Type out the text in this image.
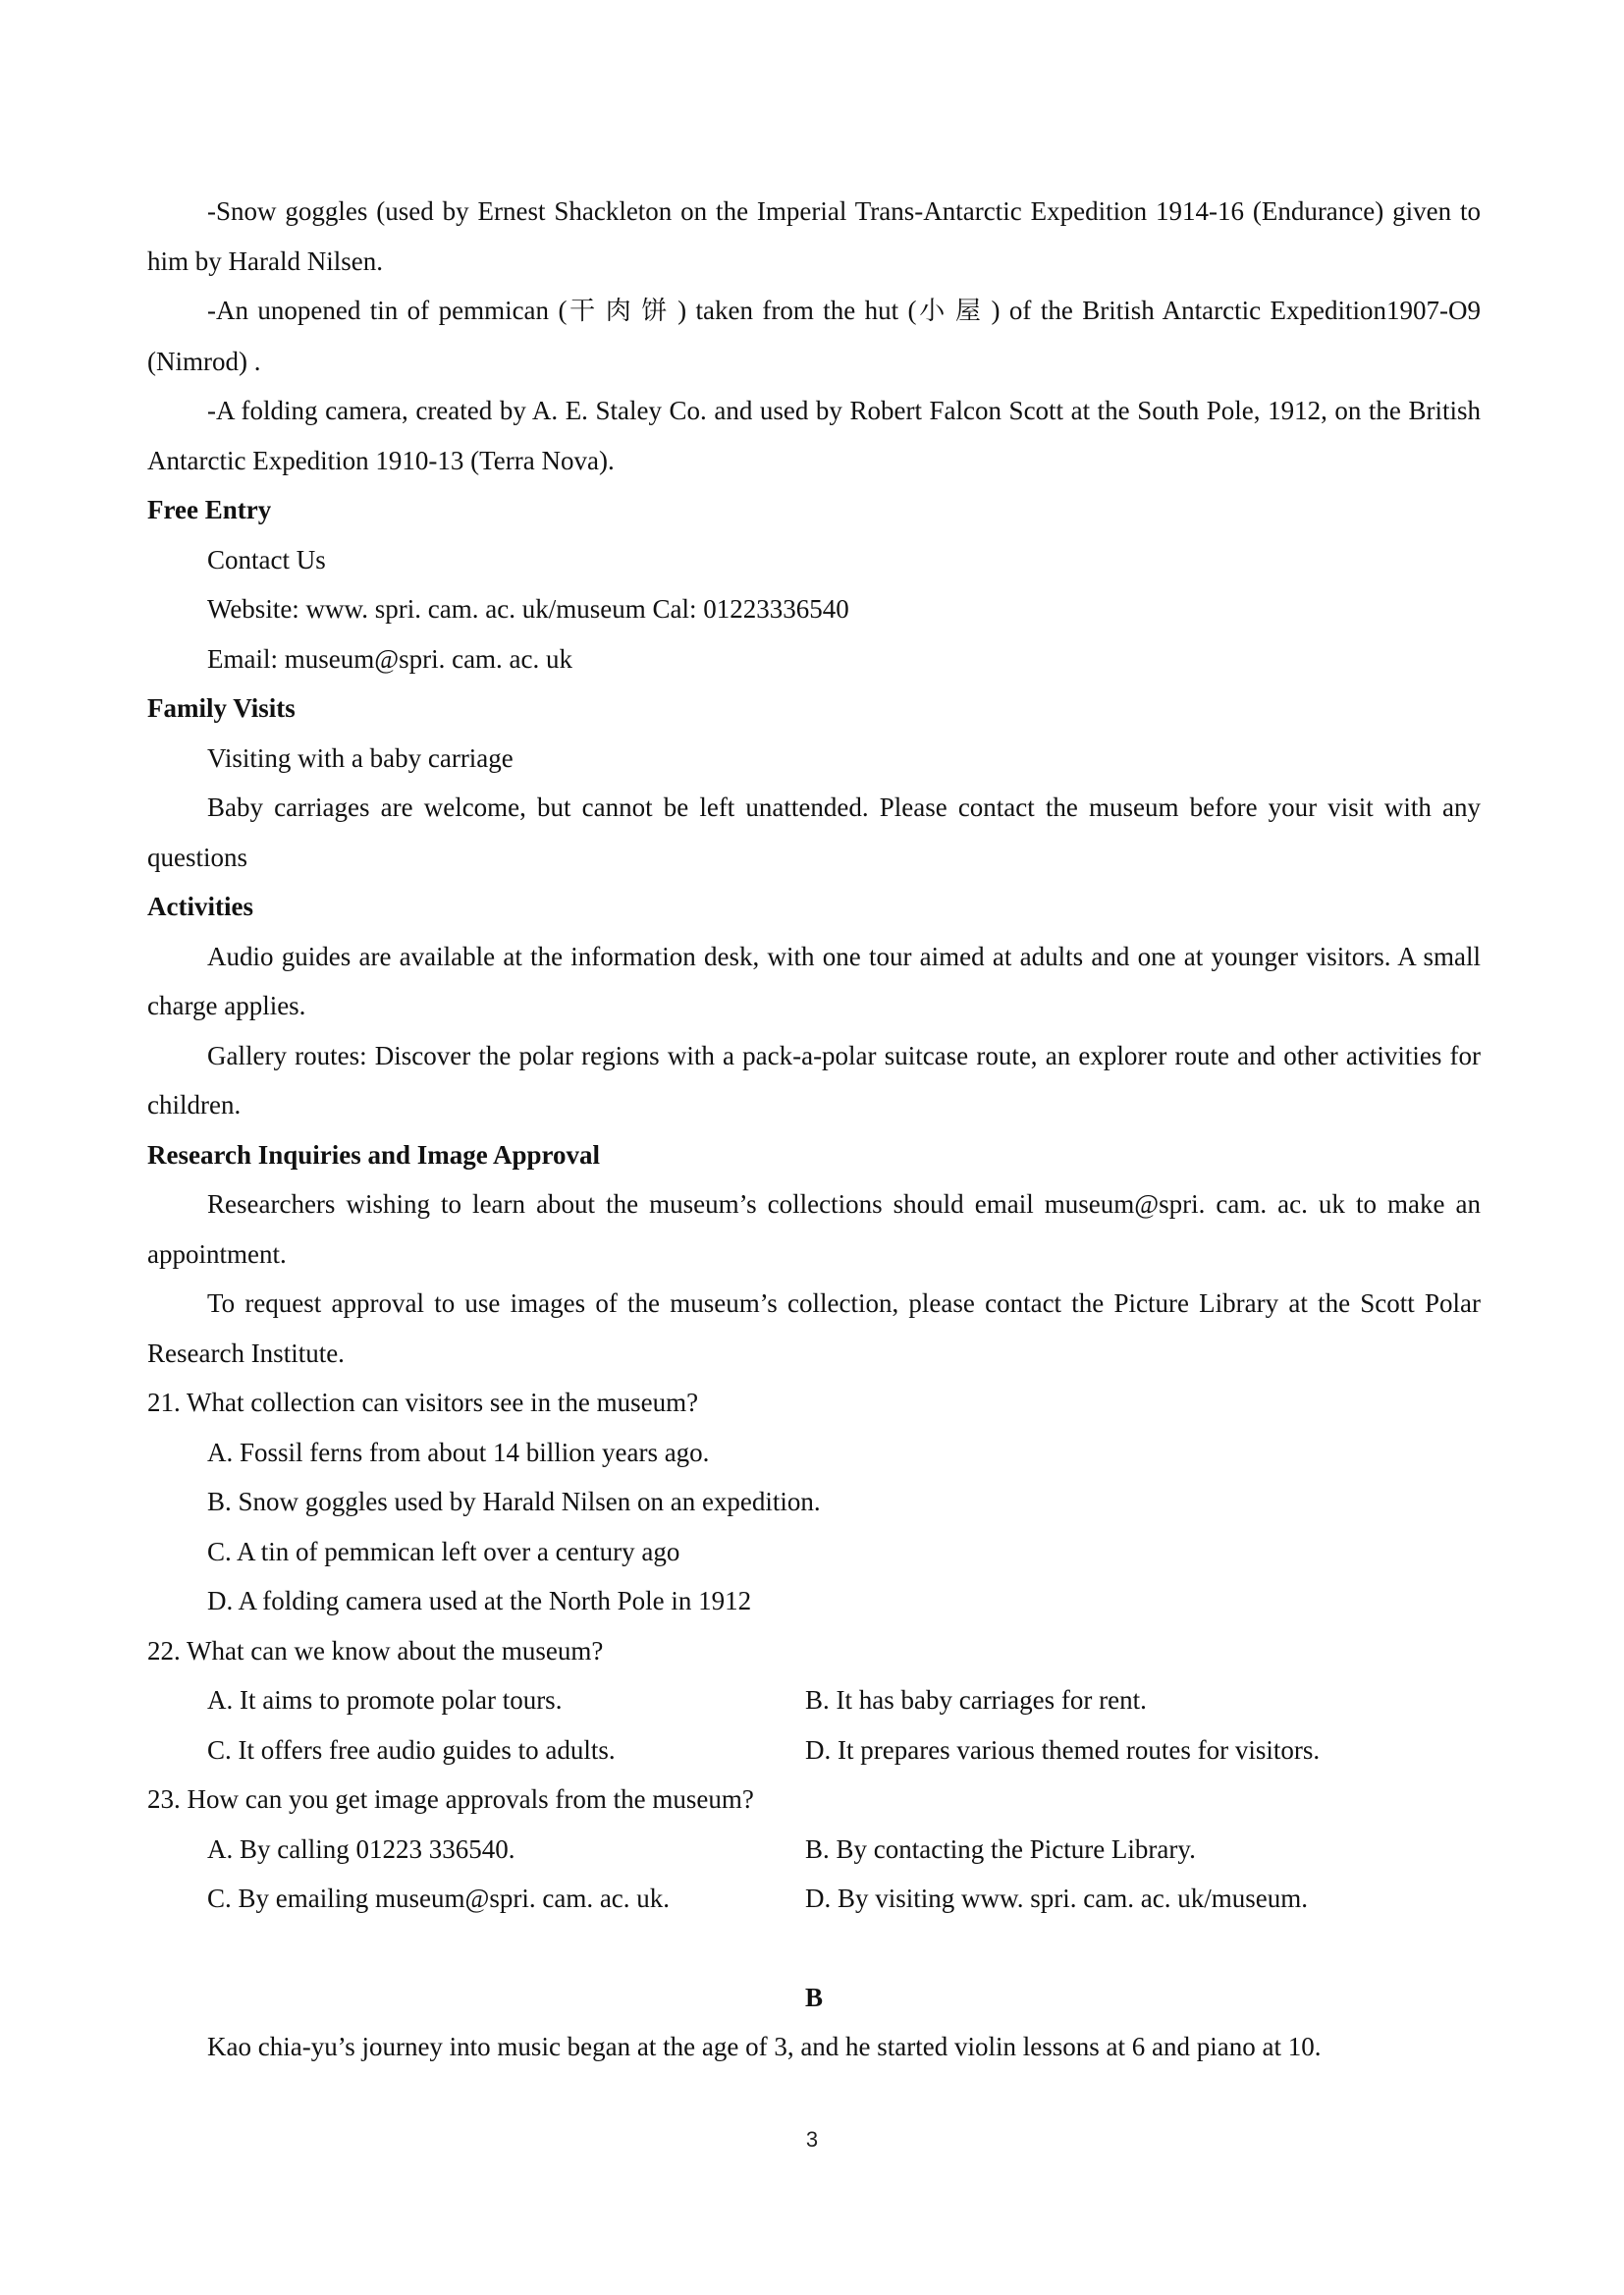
-Snow goggles (used by Ernest Shackleton on the Imperial Trans-Antarctic Expedition 1914-16 (Endurance) given to him by Harald Nilsen.

-An unopened tin of pemmican (干肉饼) taken from the hut (小屋) of the British Antarctic Expedition1907-O9 (Nimrod) .

-A folding camera, created by A. E. Staley Co. and used by Robert Falcon Scott at the South Pole, 1912, on the British Antarctic Expedition 1910-13 (Terra Nova).

Free Entry

Contact Us

Website: www. spri. cam. ac. uk/museum Cal: 01223336540

Email: museum@spri. cam. ac. uk

Family Visits

Visiting with a baby carriage

Baby carriages are welcome, but cannot be left unattended. Please contact the museum before your visit with any questions

Activities

Audio guides are available at the information desk, with one tour aimed at adults and one at younger visitors. A small charge applies.

Gallery routes: Discover the polar regions with a pack-a-polar suitcase route, an explorer route and other activities for children.

Research Inquiries and Image Approval

Researchers wishing to learn about the museum’s collections should email museum@spri. cam. ac. uk to make an appointment.

To request approval to use images of the museum’s collection, please contact the Picture Library at the Scott Polar Research Institute.

21. What collection can visitors see in the museum?

A. Fossil ferns from about 14 billion years ago.

B. Snow goggles used by Harald Nilsen on an expedition.

C. A tin of pemmican left over a century ago

D. A folding camera used at the North Pole in 1912

22. What can we know about the museum?

A. It aims to promote polar tours.	B. It has baby carriages for rent.
C. It offers free audio guides to adults.	D. It prepares various themed routes for visitors.

23. How can you get image approvals from the museum?

A. By calling 01223 336540.	B. By contacting the Picture Library.
C. By emailing museum@spri. cam. ac. uk.	D. By visiting www. spri. cam. ac. uk/museum.

B

Kao chia-yu’s journey into music began at the age of 3, and he started violin lessons at 6 and piano at 10.

3
